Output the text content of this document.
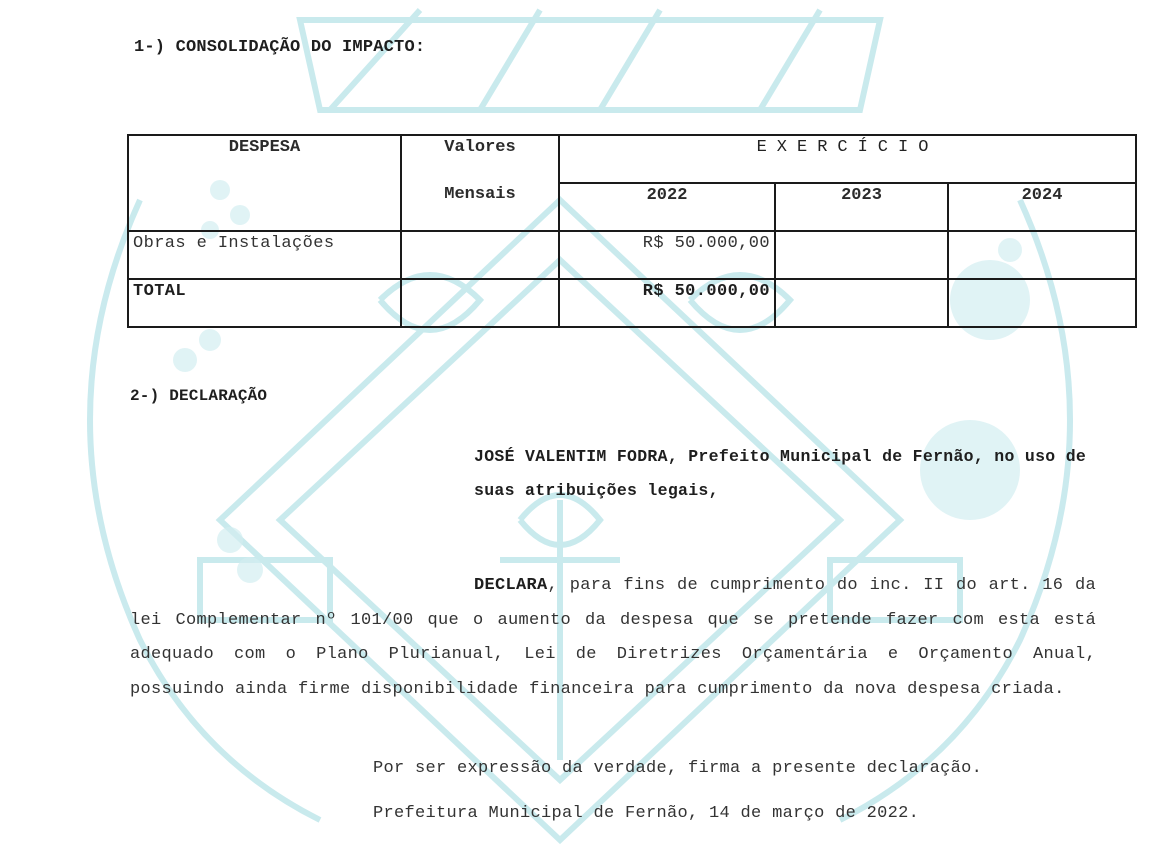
1-) CONSOLIDAÇÃO DO IMPACTO:
DESPESA	Valores	EXERCÍCIO		
	Mensais	2022	2023	2024
Obras e Instalações		R$ 50.000,00		
TOTAL		R$ 50.000,00		
2-) DECLARAÇÃO
JOSÉ VALENTIM FODRA, Prefeito Municipal de Fernão, no uso de suas atribuições legais,
DECLARA, para fins de cumprimento do inc. II do art. 16 da lei Complementar nº 101/00 que o aumento da despesa que se pretende fazer com esta está adequado com o Plano Plurianual, Lei de Diretrizes Orçamentária e Orçamento Anual, possuindo ainda firme disponibilidade financeira para cumprimento da nova despesa criada.
Por ser expressão da verdade, firma a presente declaração.
Prefeitura Municipal de Fernão, 14 de março de 2022.
